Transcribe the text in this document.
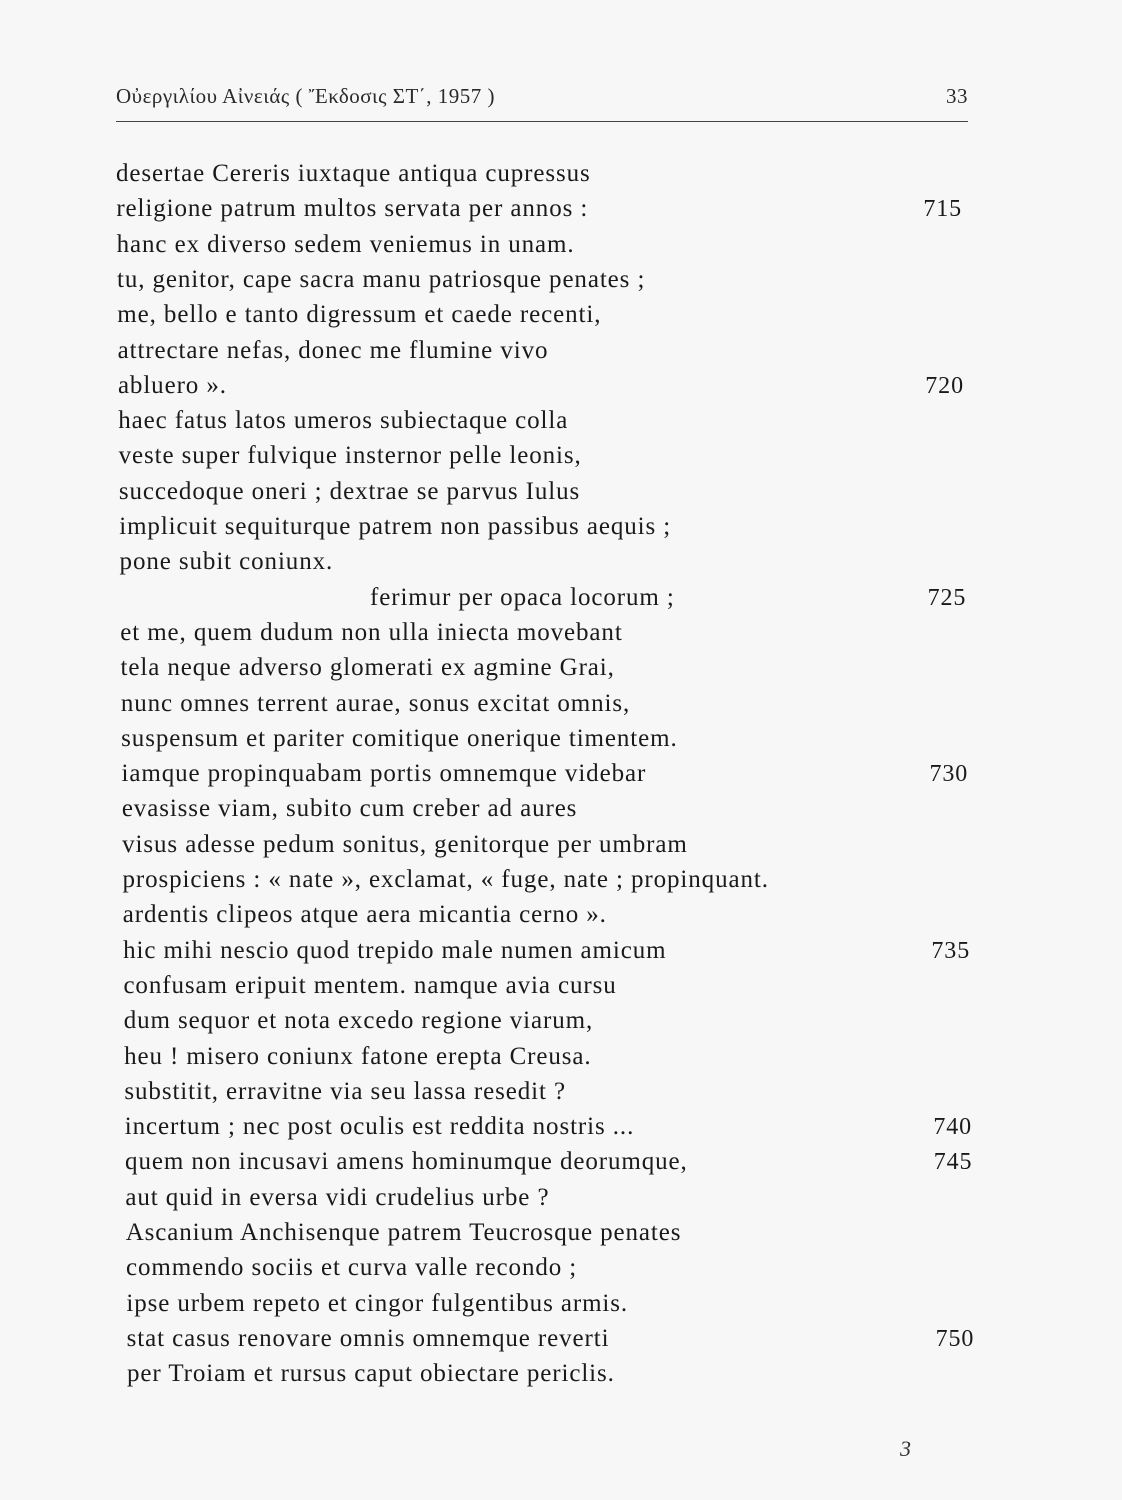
Οὐεργιλίου Αἰνειάς ( Ἔκδοσις ΣΤ΄, 1957 )	33
desertae Cereris iuxtaque antiqua cupressus
religione patrum multos servata per annos :	715
hanc ex diverso sedem veniemus in unam.
tu, genitor, cape sacra manu patriosque penates ;
me, bello e tanto digressum et caede recenti,
attrectare nefas, donec me flumine vivo
abluero ».	720
haec fatus latos umeros subiectaque colla
veste super fulvique insternor pelle leonis,
succedoque oneri ; dextrae se parvus Iulus
implicuit sequiturque patrem non passibus aequis ;
pone subit coniunx.
ferimur per opaca locorum ;	725
et me, quem dudum non ulla iniecta movebant
tela neque adverso glomerati ex agmine Grai,
nunc omnes terrent aurae, sonus excitat omnis,
suspensum et pariter comitique onerique timentem.
iamque propinquabam portis omnemque videbar	730
evasisse viam, subito cum creber ad aures
visus adesse pedum sonitus, genitorque per umbram
prospiciens : « nate », exclamat, « fuge, nate ; propinquant.
ardentis clipeos atque aera micantia cerno ».
hic mihi nescio quod trepido male numen amicum	735
confusam eripuit mentem. namque avia cursu
dum sequor et nota excedo regione viarum,
heu ! misero coniunx fatone erepta Creusa.
substitit, erravitne via seu lassa resedit ?
incertum ; nec post oculis est reddita nostris ...	740
quem non incusavi amens hominumque deorumque,	745
aut quid in eversa vidi crudelius urbe ?
Ascanium Anchisenque patrem Teucrosque penates
commendo sociis et curva valle recondo ;
ipse urbem repeto et cingor fulgentibus armis.
stat casus renovare omnis omnemque reverti	750
per Troiam et rursus caput obiectare periclis.
3
